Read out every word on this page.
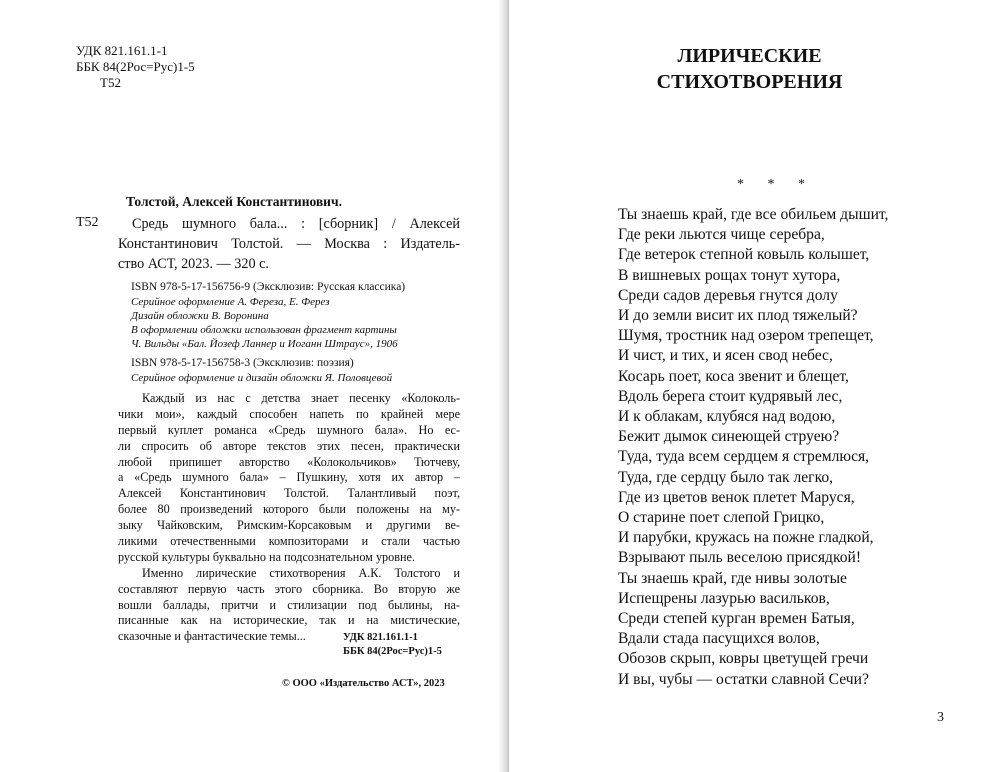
УДК 821.161.1-1
ББК 84(2Рос=Рус)1-5
Т52
Толстой, Алексей Константинович.
Т52	Средь шумного бала... : [сборник] / Алексей
Константинович Толстой. — Москва : Издатель-
ство АСТ, 2023. — 320 с.
ISBN 978-5-17-156756-9 (Эксклюзив: Русская классика)
Серийное оформление А. Фереза, Е. Ферез
Дизайн обложки В. Воронина
В оформлении обложки использован фрагмент картины
Ч. Вильды «Бал. Йозеф Ланнер и Иоганн Штраус», 1906
ISBN 978-5-17-156758-3 (Эксклюзив: поэзия)
Серийное оформление и дизайн обложки Я. Половцевой
Каждый из нас с детства знает песенку «Колоколь-
чики мои», каждый способен напеть по крайней мере
первый куплет романса «Средь шумного бала». Но ес-
ли спросить об авторе текстов этих песен, практически
любой припишет авторство «Колокольчиков» Тютчеву,
а «Средь шумного бала» – Пушкину, хотя их автор –
Алексей Константинович Толстой. Талантливый поэт,
более 80 произведений которого были положены на му-
зыку Чайковским, Римским-Корсаковым и другими ве-
ликими отечественными композиторами и стали частью
русской культуры буквально на подсознательном уровне.
Именно лирические стихотворения А.К. Толстого и
составляют первую часть этого сборника. Во вторую же
вошли баллады, притчи и стилизации под былины, на-
писанные как на исторические, так и на мистические,
сказочные и фантастические темы...	УДК 821.161.1-1
ББК 84(2Рос=Рус)1-5
© ООО «Издательство АСТ», 2023
ЛИРИЧЕСКИЕ
СТИХОТВОРЕНИЯ
* * *
Ты знаешь край, где все обильем дышит,
Где реки льются чище серебра,
Где ветерок степной ковыль колышет,
В вишневых рощах тонут хутора,
Среди садов деревья гнутся долу
И до земли висит их плод тяжелый?
Шумя, тростник над озером трепещет,
И чист, и тих, и ясен свод небес,
Косарь поет, коса звенит и блещет,
Вдоль берега стоит кудрявый лес,
И к облакам, клубяся над водою,
Бежит дымок синеющей струею?
Туда, туда всем сердцем я стремлюся,
Туда, где сердцу было так легко,
Где из цветов венок плетет Маруся,
О старине поет слепой Грицко,
И парубки, кружась на пожне гладкой,
Взрывают пыль веселою присядкой!
Ты знаешь край, где нивы золотые
Испещрены лазурью васильков,
Среди степей курган времен Батыя,
Вдали стада пасущихся волов,
Обозов скрып, ковры цветущей гречи
И вы, чубы — остатки славной Сечи?
3
